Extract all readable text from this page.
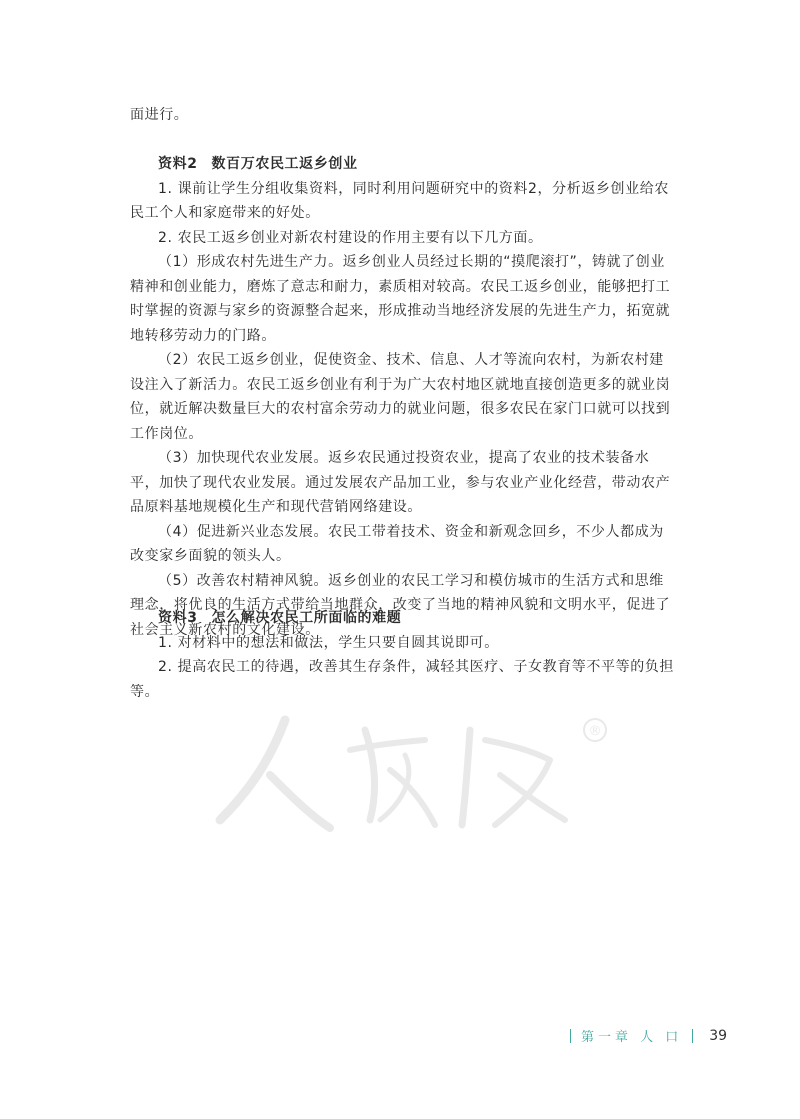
面进行。

资料2 数百万农民工返乡创业

1. 课前让学生分组收集资料，同时利用问题研究中的资料2，分析返乡创业给农民工个人和家庭带来的好处。

2. 农民工返乡创业对新农村建设的作用主要有以下几方面。

（1）形成农村先进生产力。返乡创业人员经过长期的“摸爬滚打”，铸就了创业精神和创业能力，磨炼了意志和耐力，素质相对较高。农民工返乡创业，能够把打工时掌握的资源与家乡的资源整合起来，形成推动当地经济发展的先进生产力，拓宽就地转移劳动力的门路。

（2）农民工返乡创业，促使资金、技术、信息、人才等流向农村，为新农村建设注入了新活力。农民工返乡创业有利于为广大农村地区就地直接创造更多的就业岗位，就近解决数量巨大的农村富余劳动力的就业问题，很多农民在家门口就可以找到工作岗位。

（3）加快现代农业发展。返乡农民通过投资农业，提高了农业的技术装备水平，加快了现代农业发展。通过发展农产品加工业，参与农业产业化经营，带动农产品原料基地规模化生产和现代营销网络建设。

（4）促进新兴业态发展。农民工带着技术、资金和新观念回乡，不少人都成为改变家乡面貌的领头人。

（5）改善农村精神风貌。返乡创业的农民工学习和模仿城市的生活方式和思维理念，将优良的生活方式带给当地群众，改变了当地的精神风貌和文明水平，促进了社会主义新农村的文化建设。

资料3 怎么解决农民工所面临的难题

1. 对材料中的想法和做法，学生只要自圆其说即可。

2. 提高农民工的待遇，改善其生存条件，减轻其医疗、子女教育等不平等的负担等。

®
第一章 人 口 39
